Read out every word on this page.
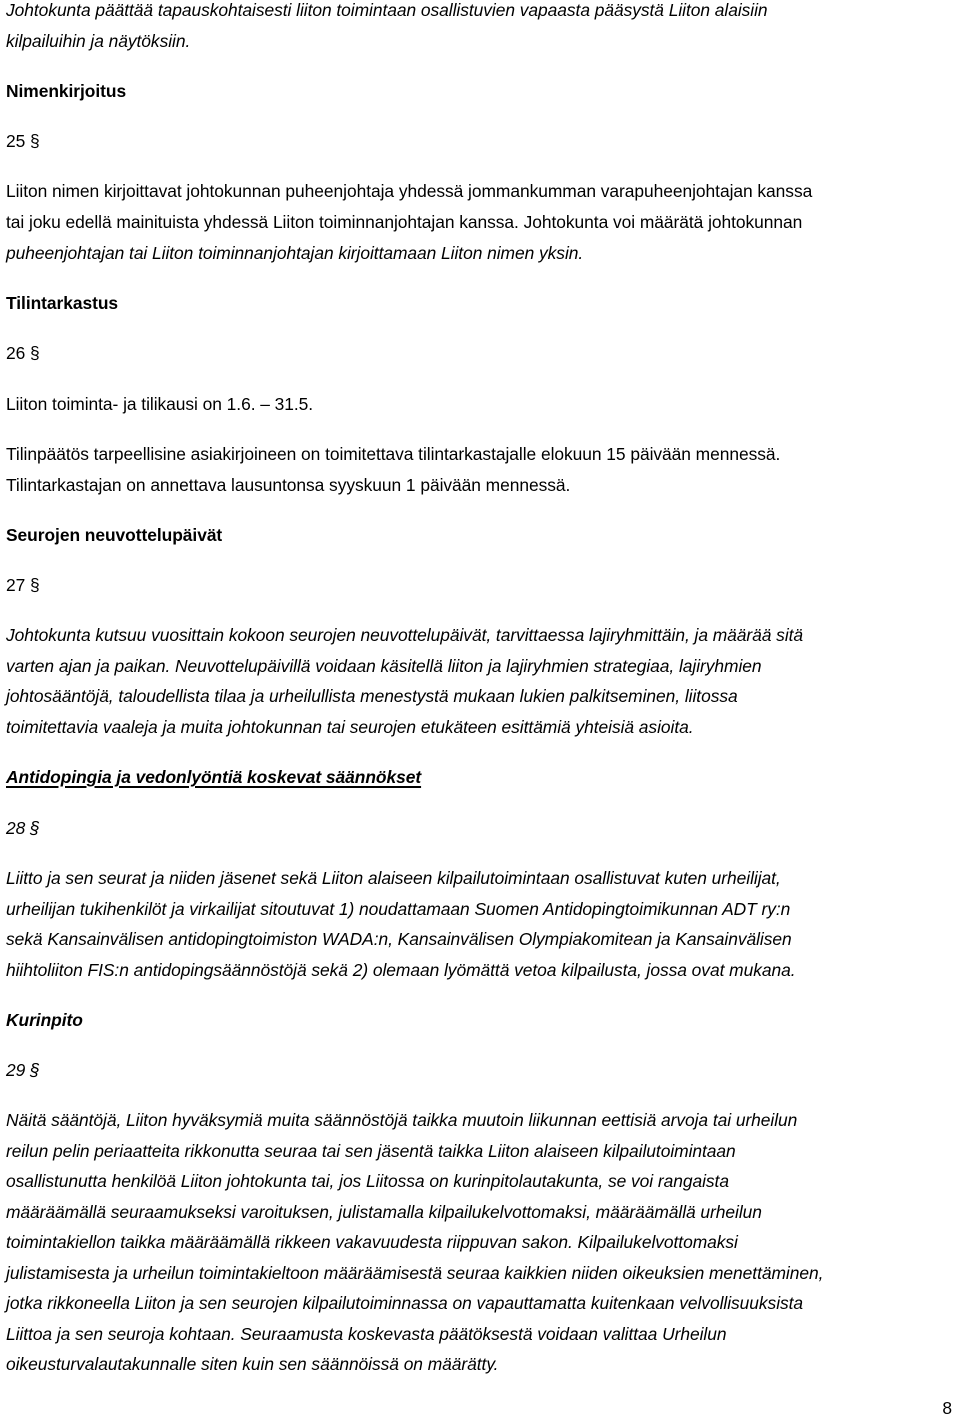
Johtokunta päättää tapauskohtaisesti liiton toimintaan osallistuvien vapaasta pääsystä Liiton alaisiin
kilpailuihin ja näytöksiin.
Nimenkirjoitus
25 §
Liiton nimen kirjoittavat johtokunnan puheenjohtaja yhdessä jommankumman varapuheenjohtajan kanssa
tai joku edellä mainituista yhdessä Liiton toiminnanjohtajan kanssa. Johtokunta voi määrätä johtokunnan
puheenjohtajan tai Liiton toiminnanjohtajan kirjoittamaan Liiton nimen yksin.
Tilintarkastus
26 §
Liiton toiminta- ja tilikausi on 1.6. – 31.5.
Tilinpäätös tarpeellisine asiakirjoineen on toimitettava tilintarkastajalle elokuun 15 päivään mennessä.
Tilintarkastajan on annettava lausuntonsa syyskuun 1 päivään mennessä.
Seurojen neuvottelupäivät
27 §
Johtokunta kutsuu vuosittain kokoon seurojen neuvottelupäivät, tarvittaessa lajiryhmittäin, ja määrää sitä
varten ajan ja paikan. Neuvottelupäivillä voidaan käsitellä liiton ja lajiryhmien strategiaa, lajiryhmien
johtosääntöjä, taloudellista tilaa ja urheilullista menestystä mukaan lukien palkitseminen, liitossa
toimitettavia vaaleja ja muita johtokunnan tai seurojen etukäteen esittämiä yhteisiä asioita.
Antidopingia ja vedonlyöntiä koskevat säännökset
28 §
Liitto ja sen seurat ja niiden jäsenet sekä Liiton alaiseen kilpailutoimintaan osallistuvat kuten urheilijat,
urheilijan tukihenkilöt ja virkailijat sitoutuvat 1) noudattamaan Suomen Antidopingtoimikunnan ADT ry:n
sekä Kansainvälisen antidopingtoimiston WADA:n, Kansainvälisen Olympiakomitean ja Kansainvälisen
hiihtoliiton FIS:n antidopingsäännöstöjä sekä 2) olemaan lyömättä vetoa kilpailusta, jossa ovat mukana.
Kurinpito
29 §
Näitä sääntöjä, Liiton hyväksymiä muita säännöstöjä taikka muutoin liikunnan eettisiä arvoja tai urheilun
reilun pelin periaatteita rikkonutta seuraa tai sen jäsentä taikka Liiton alaiseen kilpailutoimintaan
osallistunutta henkilöä Liiton johtokunta tai, jos Liitossa on kurinpitolautakunta, se voi rangaista
määräämällä seuraamukseksi varoituksen, julistamalla kilpailukelvottomaksi, määräämällä urheilun
toimintakiellon taikka määräämällä rikkeen vakavuudesta riippuvan sakon. Kilpailukelvottomaksi
julistamisesta ja urheilun toimintakieltoon määräämisestä seuraa kaikkien niiden oikeuksien menettäminen,
jotka rikkoneella Liiton ja sen seurojen kilpailutoiminnassa on vapauttamatta kuitenkaan velvollisuuksista
Liittoa ja sen seuroja kohtaan. Seuraamusta koskevasta päätöksestä voidaan valittaa Urheilun
oikeusturvalautakunnalle siten kuin sen säännöissä on määrätty.
8
